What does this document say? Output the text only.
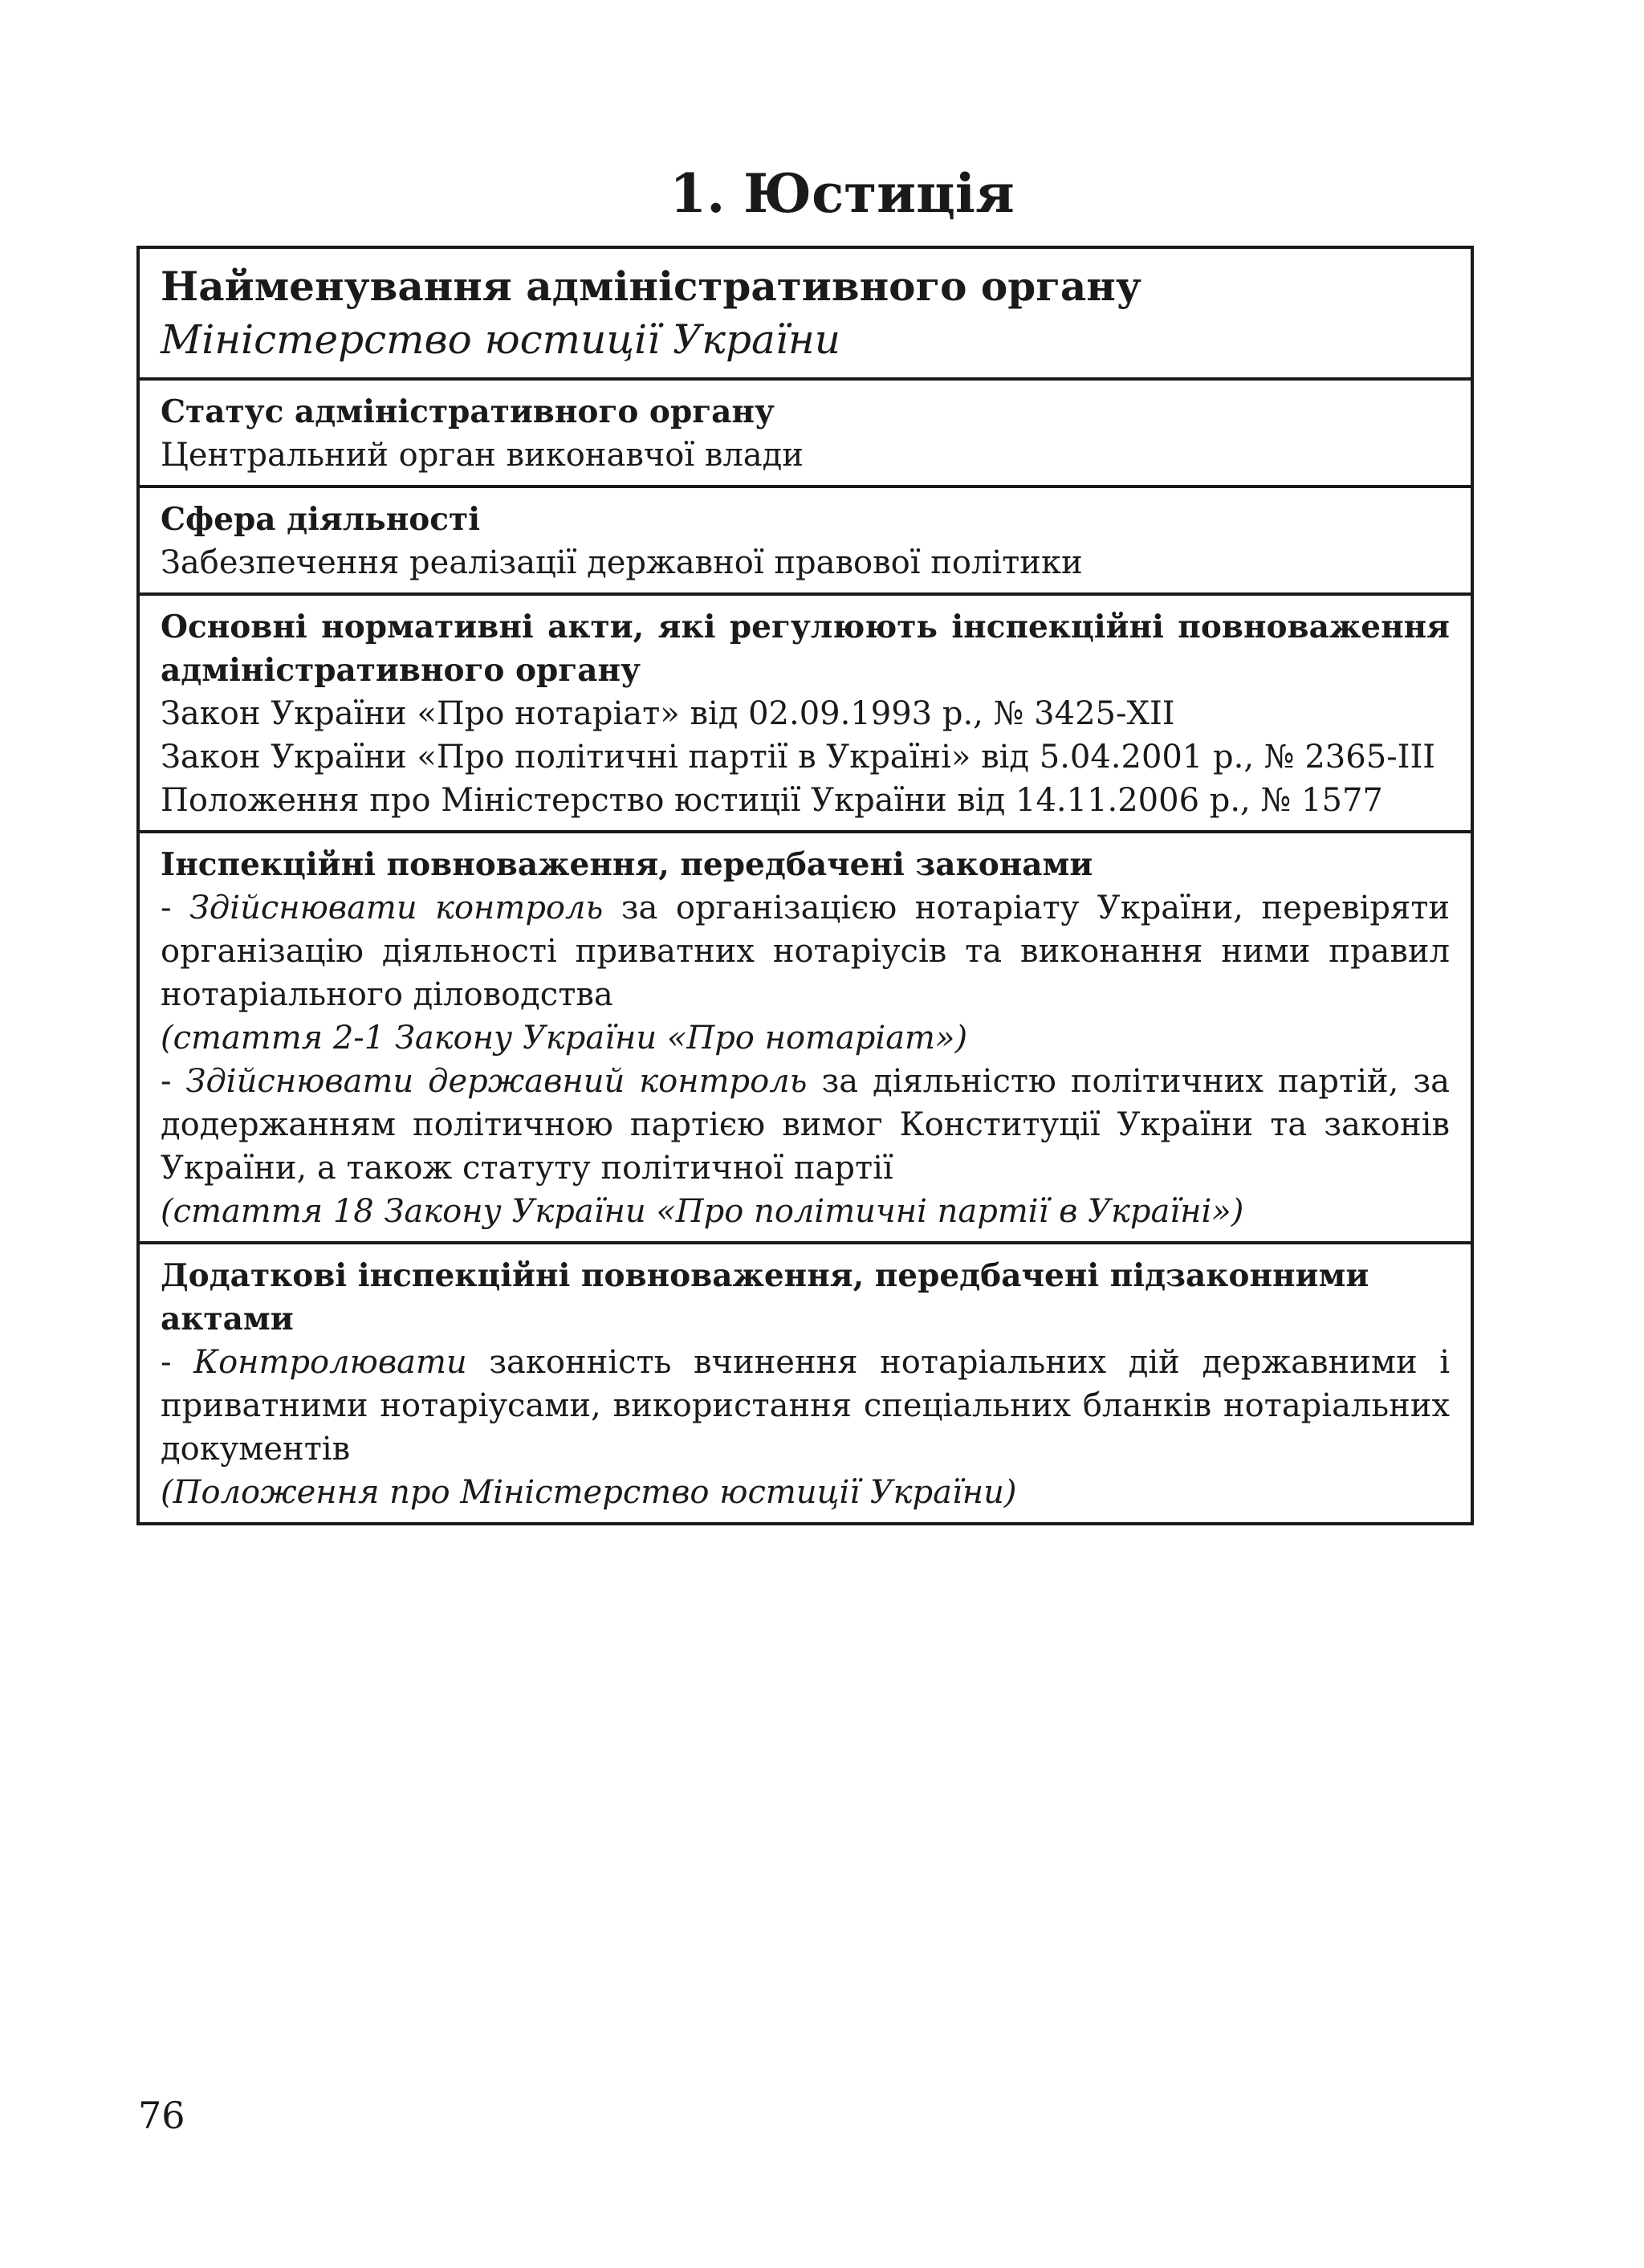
1. Юстиція
Найменування адміністративного органу
Міністерство юстиції України
Статус адміністративного органу
Центральний орган виконавчої влади
Сфера діяльності
Забезпечення реалізації державної правової політики
Основні нормативні акти, які регулюють інспекційні повноваження адміністративного органу
Закон України «Про нотаріат» від 02.09.1993 р., № 3425-XII
Закон України «Про політичні партії в Україні» від 5.04.2001 р., № 2365-III
Положення про Міністерство юстиції України від 14.11.2006 р., № 1577
Інспекційні повноваження, передбачені законами
- Здійснювати контроль за організацією нотаріату України, перевіряти організацію діяльності приватних нотаріусів та виконання ними правил нотаріального діловодства
(стаття 2-1 Закону України «Про нотаріат»)
- Здійснювати державний контроль за діяльністю політичних партій, за додержанням політичною партією вимог Конституції України та законів України, а також статуту політичної партії
(стаття 18 Закону України «Про політичні партії в Україні»)
Додаткові інспекційні повноваження, передбачені підзаконними актами
- Контролювати законність вчинення нотаріальних дій державними і приватними нотаріусами, використання спеціальних бланків нотаріальних документів
(Положення про Міністерство юстиції України)
76
